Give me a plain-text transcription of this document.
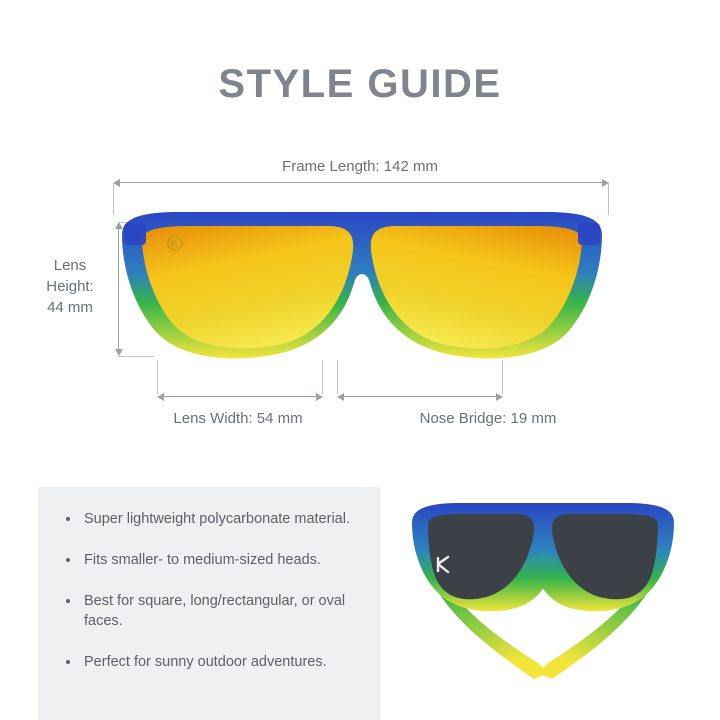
STYLE GUIDE
Frame Length: 142 mm
Lens
Height:
44 mm
Lens Width: 54 mm	Nose Bridge: 19 mm
Super lightweight polycarbonate material.
Fits smaller- to medium-sized heads.
Best for square, long/rectangular, or oval faces.
Perfect for sunny outdoor adventures.
